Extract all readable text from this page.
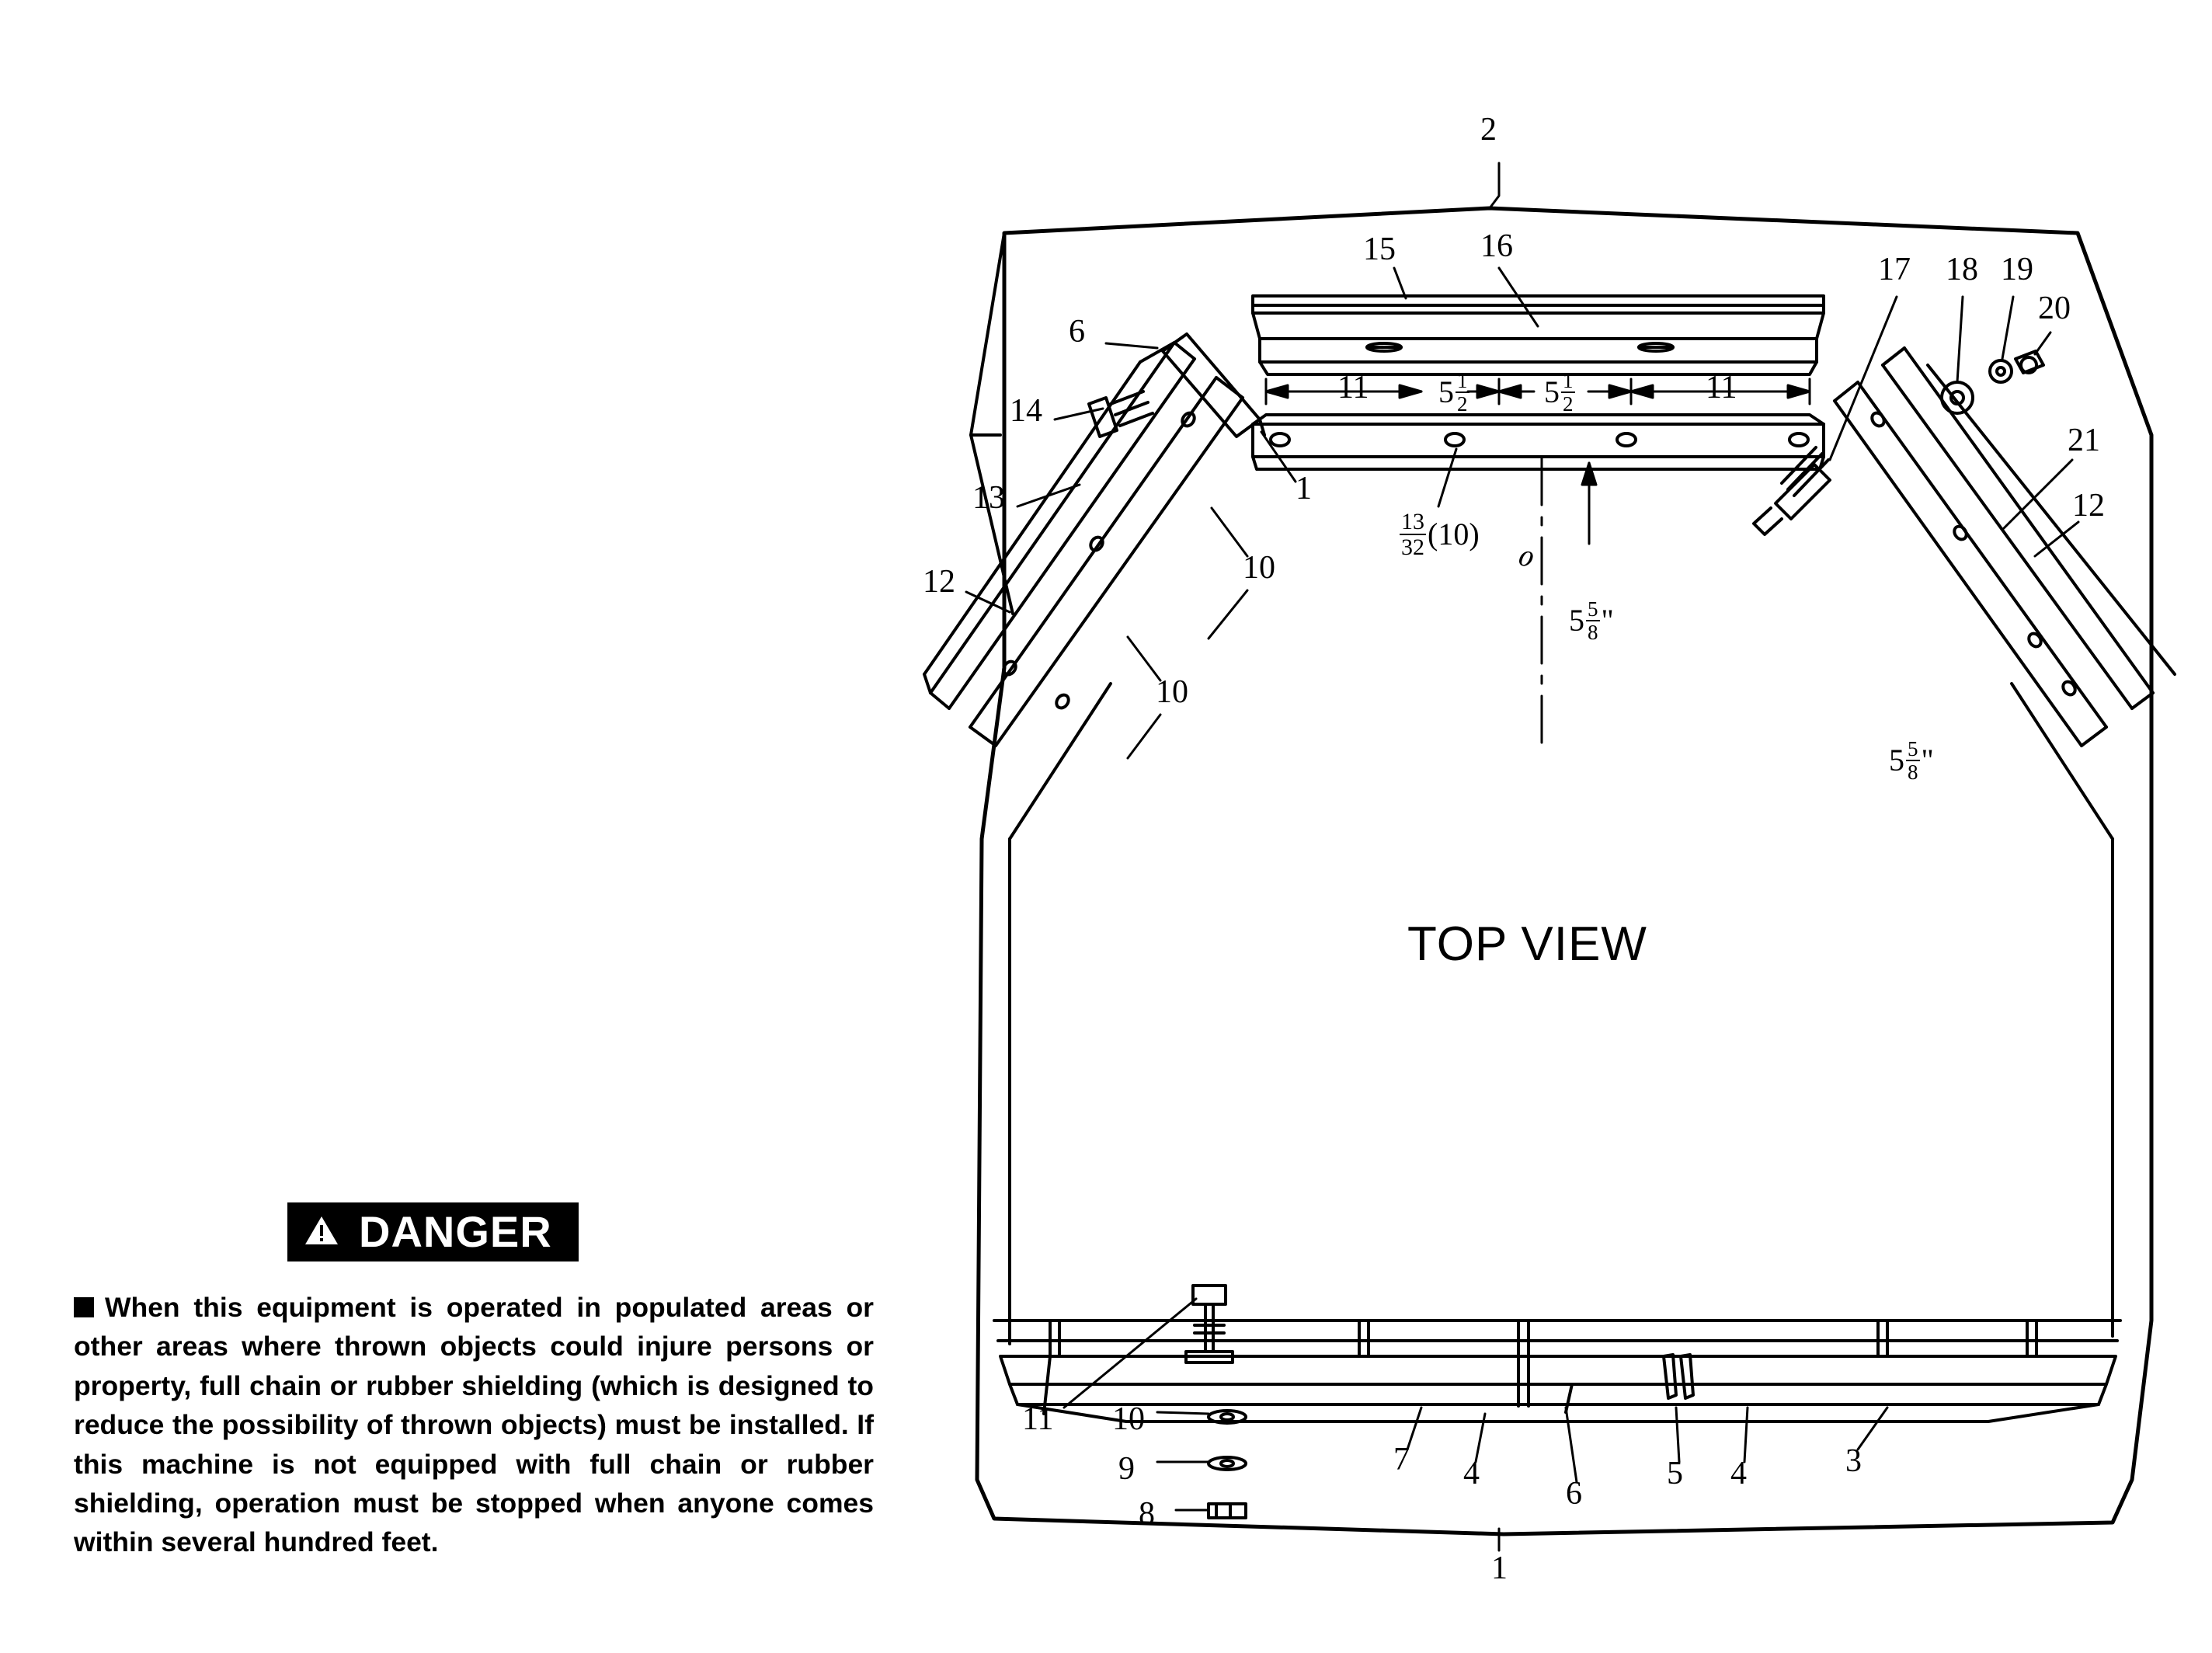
2
15	16
17 18 19
20
21
12
6
14
13
12
1
10
10
11	11
$5 \frac{1}{2} 5 \frac{1}{2}$
$\frac{13}{32} (10)$ ℴ
$5 \frac{5}{8}$ "
$5 \frac{5}{8}$ "
TOP VIEW
11 10
9
8
7 4
6
5 4	3
1
DANGER
When this equipment is operated in populated areas or other areas where thrown objects could injure persons or property, full chain or rubber shielding (which is designed to reduce the possibility of thrown objects) must be installed. If this machine is not equipped with full chain or rubber shielding, operation must be stopped when anyone comes within several hundred feet.
